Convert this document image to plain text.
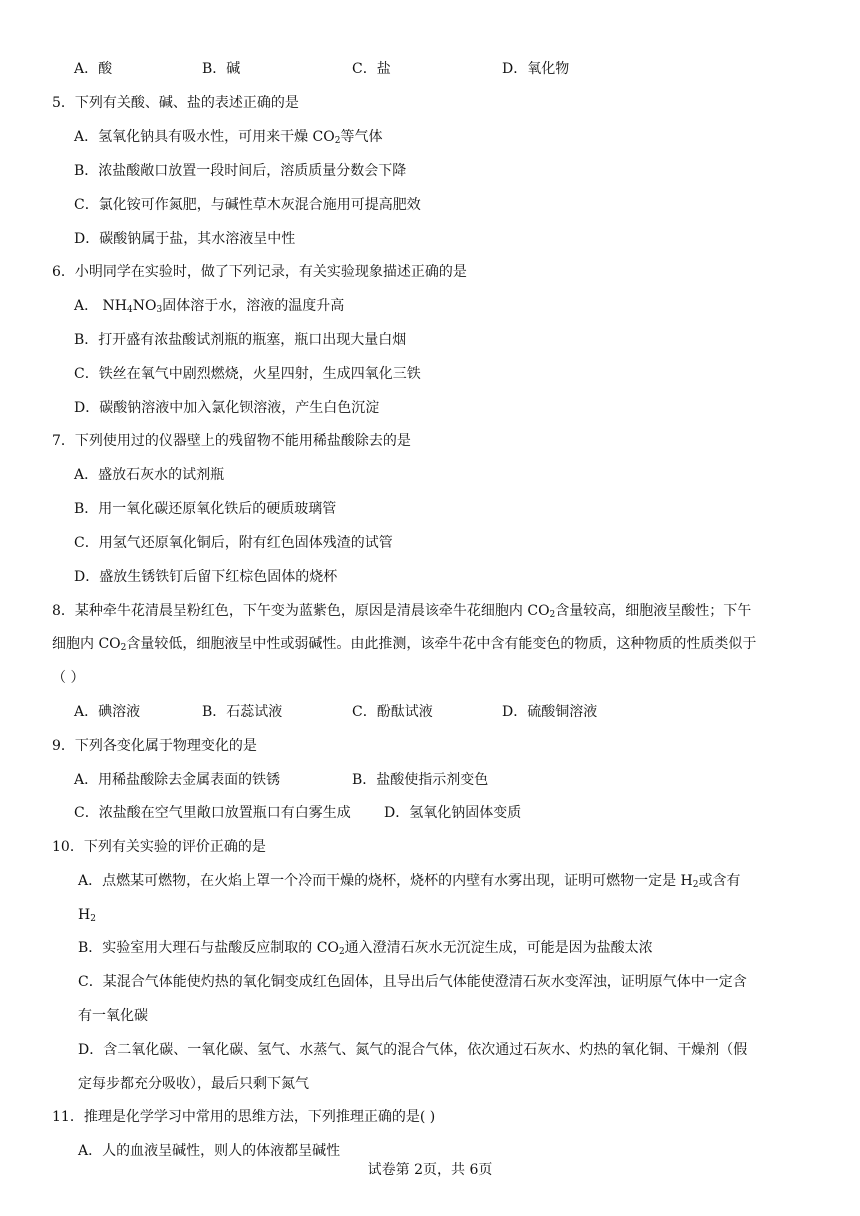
A．酸	B．碱	C．盐	D．氧化物
5．下列有关酸、碱、盐的表述正确的是
A．氢氧化钠具有吸水性，可用来干燥 $CO_2$等气体
B．浓盐酸敞口放置一段时间后，溶质质量分数会下降
C．氯化铵可作氮肥，与碱性草木灰混合施用可提高肥效
D．碳酸钠属于盐，其水溶液呈中性
6．小明同学在实验时，做了下列记录，有关实验现象描述正确的是
A． $NH_4NO_3$固体溶于水，溶液的温度升高
B．打开盛有浓盐酸试剂瓶的瓶塞，瓶口出现大量白烟
C．铁丝在氧气中剧烈燃烧，火星四射，生成四氧化三铁
D．碳酸钠溶液中加入氯化钡溶液，产生白色沉淀
7．下列使用过的仪器壁上的残留物不能用稀盐酸除去的是
A．盛放石灰水的试剂瓶
B．用一氧化碳还原氧化铁后的硬质玻璃管
C．用氢气还原氧化铜后，附有红色固体残渣的试管
D．盛放生锈铁钉后留下红棕色固体的烧杯
8．某种牵牛花清晨呈粉红色，下午变为蓝紫色，原因是清晨该牵牛花细胞内 $CO_2$含量较高，细胞液呈酸性；下午
细胞内 $CO_2$含量较低，细胞液呈中性或弱碱性。由此推测，该牵牛花中含有能变色的物质，这种物质的性质类似于
（ ）
A．碘溶液	B．石蕊试液	C．酚酞试液	D．硫酸铜溶液
9．下列各变化属于物理变化的是
A．用稀盐酸除去金属表面的铁锈	B．盐酸使指示剂变色
C．浓盐酸在空气里敞口放置瓶口有白雾生成 D．氢氧化钠固体变质
10．下列有关实验的评价正确的是
A．点燃某可燃物，在火焰上罩一个冷而干燥的烧杯，烧杯的内壁有水雾出现，证明可燃物一定是 $H_2$或含有
$H_2$
B．实验室用大理石与盐酸反应制取的 $CO_2$通入澄清石灰水无沉淀生成，可能是因为盐酸太浓
C．某混合气体能使灼热的氧化铜变成红色固体，且导出后气体能使澄清石灰水变浑浊，证明原气体中一定含
有一氧化碳
D．含二氧化碳、一氧化碳、氢气、水蒸气、氮气的混合气体，依次通过石灰水、灼热的氧化铜、干燥剂（假
定每步都充分吸收），最后只剩下氮气
11．推理是化学学习中常用的思维方法，下列推理正确的是( )
A．人的血液呈碱性，则人的体液都呈碱性
试卷第 2页，共 6页
